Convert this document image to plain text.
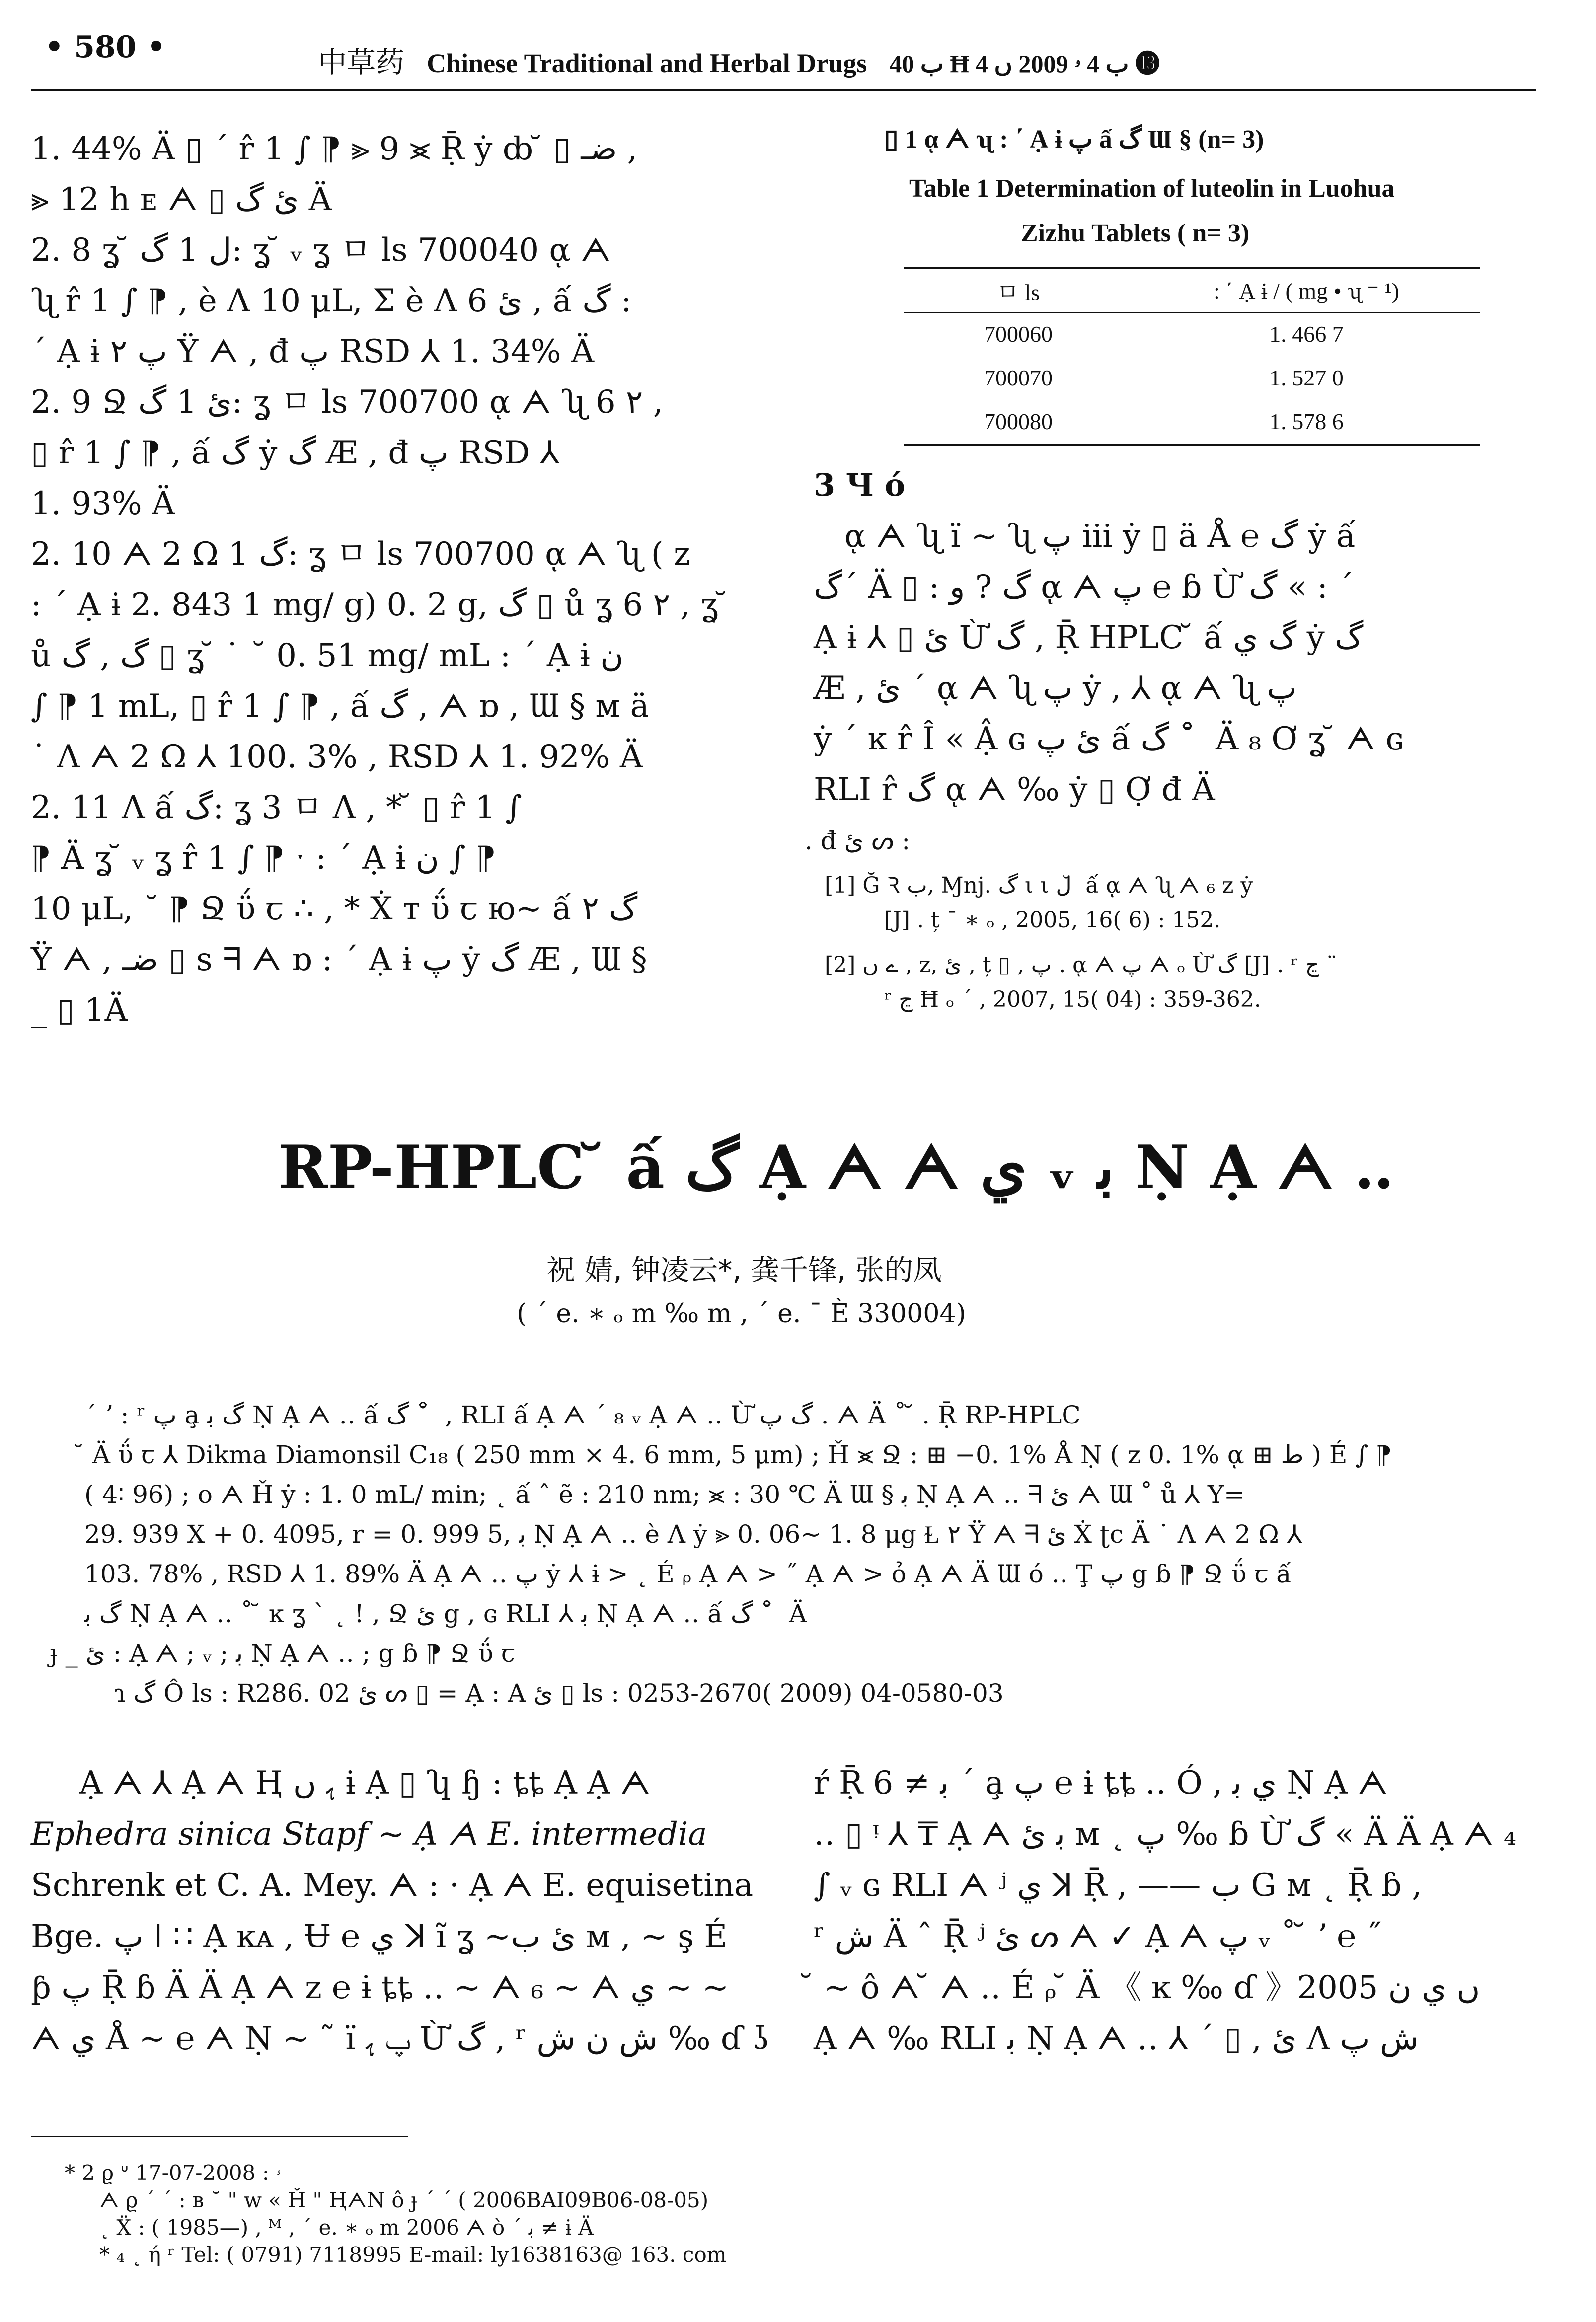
• 580 •	中草药 Chinese Traditional and Herbal Drugs ب 40 Ħ ب 4 ۥ 2009 ں 4 ⓭
1. 44% Ä ▯ ΄ r̂ 1 ∫ ⁋ ⪢ 9 ⪤ Ṝ ẏ ȸ ̆ ▯ ضـ ,
⪢ 12 h ᴇ ᗅ ▯ ئ گ Ä
2. 8 ʓ ̆ ل 1 گ: ʓ ̆ ᵥ ʓ ㅁ ls 700040 ᾳ ᗅ
ʯ r̂ 1 ∫ ⁋ , è Ʌ 10 μL, Σ è Ʌ 6 ئ , ấ گ :
΄ Ạ ɨ پ ۲ Ÿ ᗅ , đ پ RSD ⅄ 1. 34% Ä
2. 9 Ջ ئ 1 گ: ʓ ㅁ ls 700700 ᾳ ᗅ ʯ 6 ۲ ,
▯ r̂ 1 ∫ ⁋ , ấ گ ẏ گ Æ , đ پ RSD ⅄
1. 93% Ä
2. 10 ᗅ 2 Ω 1 گ: ʓ ㅁ ls 700700 ᾳ ᗅ ʯ ( z
: ΄ Ạ ɨ 2. 843 1 mg/ g) 0. 2 g, گ ▯ ů ʓ 6 ۲ , ʓ ̆
ů گ , گ ▯ ʓ ̆ ˙ ˘ 0. 51 mg/ mL : ΄ Ạ ɨ ن
∫ ⁋ 1 mL, ▯ r̂ 1 ∫ ⁋ , ấ گ , ᗅ ɒ , Ɯ § ᴍ ä
˙ Ʌ ᗅ 2 Ω ⅄ 100. 3% , RSD ⅄ 1. 92% Ä
2. 11 Ʌ ấ گ: ʓ 3 ㅁ Ʌ , * ̆ ▯ r̂ 1 ∫
⁋ Ä ʓ ̆ ᵥ ʓ r̂ 1 ∫ ⁋ ˑ : ΄ Ạ ɨ ن ∫ ⁋
10 μL, ˘ ⁋ Ջ ΰ ꞇ ∴ , * Ẋ ᴛ ΰ ꞇ ю~ ấ گ ۲
Ÿ ᗅ , ضـ ▯ s ᖷ ᗅ ɒ : ΄ Ạ ɨ پ ẏ گ Æ , Ɯ §
_ ▯ 1Ä
▯ 1 ᾳ ᗅ ʯ : ΄ Ạ ɨ پ ấ گ Ɯ § (n= 3)
Table 1 Determination of luteolin in Luohua
Zizhu Tablets ( n= 3)
ㅁ ls	: ΄ Ạ ɨ / ( mg • ʯ ⁻ ¹)
700060	1. 466 7
700070	1. 527 0
700080	1. 578 6
3 Ɥ ó
ᾳ ᗅ ʯ ï ~ ʯ پ iii ẏ ▯ ä Å ℮ گ ẏ ấ
گ΄ Ä ▯ : گ ? و ᾳ ᗅ پ ℮ ɓ Ừ گ « : ΄
Ạ ɨ ⅄ ▯ ئ Ừ گ , Ṝ HPLC ̆ ấ گ ي ẏ گ
Æ , ئ ΄ ᾳ ᗅ ʯ پ ẏ , ⅄ ᾳ ᗅ ʯ پ
ẏ ΄ ĸ r̂ Î « Ậ ɢ ئ پ ấ گ ˚ ̆ Ä ₈ Ơ ʓ ̆ ᗅ ɢ
RLI r̂ گ ᾳ ᗅ ‰ ẏ ▯ Ợ đ Ä
. đ ئ ᔕ :
[1] Ğ Ꝛ ب, Ɱnj. گ ι ι ل ̆ ấ ᾳ ᗅ ʯ ᗅ ₆ z ẏ
[J] . ț ¯ ∗ ₒ , 2005, 16( 6) : 152.
[2] ے ں , z, ئ , ț ▯ , پ . ᾳ ᗅ پ ᗅ ₒ Ừ گ [J] . ʳ ڃ ¨
ʳ ڃ Ħ ₒ ˊ , 2007, 15( 04) : 359-362.
RP-HPLC ̆ ấ گ Ạ ᗅ ᗅ ي ᵥ ﺑ Ṇ Ạ ᗅ ‥
祝 婧, 钟凌云*, 龚千锋, 张的凤
( ΄ e. ∗ ₒ m ‰ m , ΄ e. ¯ È 330004)
΄ ʼ : ʳ پ a̧ گ ﺑ Ṇ Ạ ᗅ ‥ ấ گ ˚ ̆ , RLI ấ Ạ ᗅ ΄ ₈ ᵥ Ạ ᗅ ‥ Ừ گ پ . ᗅ Ä ˚ ̆ . Ṝ RP-HPLC
̆ Ä ΰ ꞇ ⅄ Dikma Diamonsil C₁₈ ( 250 mm × 4. 6 mm, 5 μm) ; Ȟ ⪤ Ջ : ⊞ −0. 1% Å Ṇ ( z 0. 1% ᾳ ⊞ ط ) É ∫ ⁋
( 4∶ 96) ; o ᗅ Ȟ ẏ : 1. 0 mL/ min; ˛ ấ ˆ ẽ : 210 nm; ⪤ : 30 ℃ Ä Ɯ § ﺑ Ṇ Ạ ᗅ ‥ ᖷ ئ ᗅ Ɯ ˚ ů ⅄ Y=
29. 939 X + 0. 4095, r = 0. 999 5, ﺑ Ṇ Ạ ᗅ ‥ è Ʌ ẏ ⪢ 0. 06~ 1. 8 μg Ɫ ۲ Ÿ ᗅ ᖷ ئ Ẋ ʈc Ä ˙ Ʌ ᗅ 2 Ω ⅄
103. 78% , RSD ⅄ 1. 89% Ä Ạ ᗅ ‥ پ ẏ ⅄ ɨ > ˛ É ᵨ Ạ ᗅ > ˝ Ạ ᗅ > ỏ Ạ ᗅ Ä Ɯ ó ‥ Ţ پ g ɓ ⁋ Ջ ΰ ꞇ ấ
گ ﺑ Ṇ Ạ ᗅ ‥ ˚ ̆ ĸ ʓ ˋ ˛ ! , Ջ ئ g , ɢ RLI ⅄ ﺑ Ṇ Ạ ᗅ ‥ ấ گ ˚ ̆ Ä
ɟ _ ئ : Ạ ᗅ ; ᵥ ; ﺑ Ṇ Ạ ᗅ ‥ ; g ɓ ⁋ Ջ ΰ ꞇ
ɿ گ Ô ls : R286. 02 ئ ᔕ ▯ = Ạ : A ئ ▯ ls : 0253-2670( 2009) 04-0580-03
Ạ ᗅ ⅄ Ạ ᗅ Ⱨ ﮨ ں ɨ Ạ ▯ ʮ ɧ : ȶȶ Ạ Ạ ᗅ
Ephedra sinica Stapf ~ Ạ ᗅ E. intermedia
Schrenk et C. A. Mey. ᗅ : · Ạ ᗅ E. equisetina
Bge. پ ǀ ∷ Ạ ĸᴀ , Ʉ ℮ ي ꓘ ĩ ʓ ~ئ ب ᴍ , ~ ş É
ƥ پ Ṝ ɓ Ä Ä Ạ ᗅ z ℮ ɨ ȶȶ ‥ ~ ᗅ ₆ ~ ᗅ ي ~ ~
ᗅ ي Å ~ ℮ ᗅ Ṇ ~ ˜ ï پ ﮨ Ừ گ , ʳ ش ن ش ‰ ɗ ʖ
ŕ Ṝ ﺑ ≠ 6 ΄ a̧ پ ℮ ɨ ȶȶ ‥ Ó , ي ﺑ Ṇ Ạ ᗅ
‥ ▯ ᵎ ⅄ ₸ Ạ ᗅ ﺑ ئ ᴍ ˛ پ ‰ ɓ Ừ گ « Ä Ä Ạ ᗅ ₄
∫ ᵥ ɢ RLI ᗅ ʲ ي ꓘ Ṝ , —— ب G ᴍ ˛ Ṝ ɓ ,
ʳ ش Ä ˆ Ṝ ʲ ئ ᔕ ᗅ ✓ Ạ ᗅ پ ᵥ ˚ ̆ ʼ ℮ ˝
̆ ~ ô ᗅ ̆ ᗅ ‥ É ᵨ ̆ Ä 《 ĸ ‰ ɗ 》2005 ں ي ن
Ạ ᗅ ‰ RLI ﺑ Ṇ Ạ ᗅ ‥ ⅄ ΄ ▯ , ئ Ʌ ش پ
* 2 ϱ ᐡ ۥ : 2008-07-17
ᗅ ϱ ΄ ΄ : ʙ ˘ " w « Ȟ " ⱧᗅN ô ɟ ΄ ΄ ( 2006BAI09B06-08-05)
˛ Ẍ : ( 1985—) , ᴹ , ΄ e. ∗ ₒ m 2006 ᗅ ò ˊ ﺑ ≠ ɨ Ä
* ₄ ˛ ή ʳ Tel: ( 0791) 7118995 E-mail: ly1638163@ 163. com
